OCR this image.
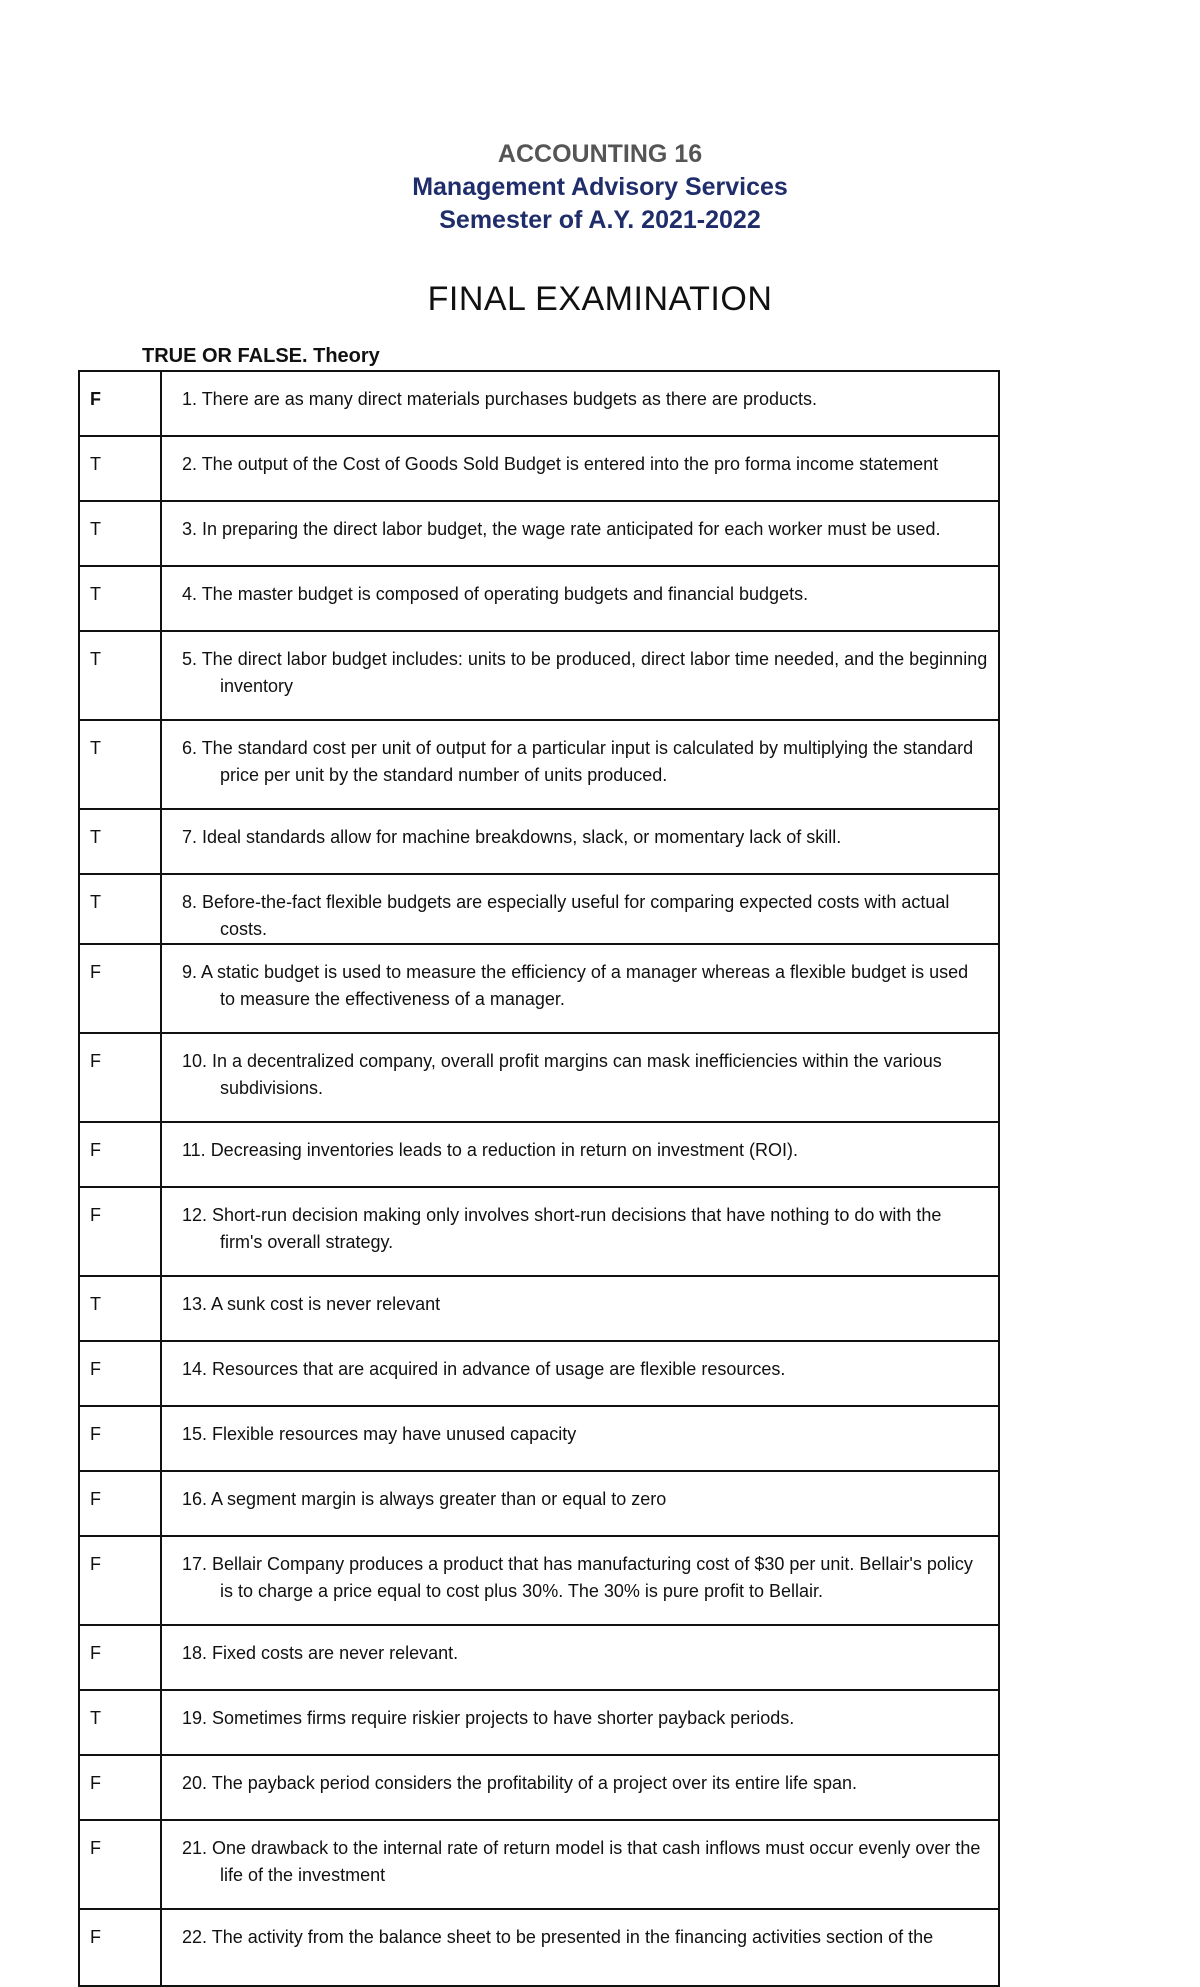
ACCOUNTING 16
Management Advisory Services
Semester of A.Y. 2021-2022
FINAL EXAMINATION
TRUE OR FALSE. Theory
F	1. There are as many direct materials purchases budgets as there are products.

T	2. The output of the Cost of Goods Sold Budget is entered into the pro forma income statement

T	3. In preparing the direct labor budget, the wage rate anticipated for each worker must be used.

T	4. The master budget is composed of operating budgets and financial budgets.

T	5. The direct labor budget includes: units to be produced, direct labor time needed, and the beginning inventory

T	6. The standard cost per unit of output for a particular input is calculated by multiplying the standard price per unit by the standard number of units produced.

T	7. Ideal standards allow for machine breakdowns, slack, or momentary lack of skill.

T	8. Before-the-fact flexible budgets are especially useful for comparing expected costs with actual costs.

F	9. A static budget is used to measure the efficiency of a manager whereas a flexible budget is used to measure the effectiveness of a manager.

F	10. In a decentralized company, overall profit margins can mask inefficiencies within the various subdivisions.

F	11. Decreasing inventories leads to a reduction in return on investment (ROI).

F	12. Short-run decision making only involves short-run decisions that have nothing to do with the firm's overall strategy.

T	13. A sunk cost is never relevant

F	14. Resources that are acquired in advance of usage are flexible resources.

F	15. Flexible resources may have unused capacity

F	16. A segment margin is always greater than or equal to zero

F	17. Bellair Company produces a product that has manufacturing cost of $30 per unit. Bellair's policy is to charge a price equal to cost plus 30%. The 30% is pure profit to Bellair.

F	18. Fixed costs are never relevant.

T	19. Sometimes firms require riskier projects to have shorter payback periods.

F	20. The payback period considers the profitability of a project over its entire life span.

F	21. One drawback to the internal rate of return model is that cash inflows must occur evenly over the life of the investment

F	22. The activity from the balance sheet to be presented in the financing activities section of the
